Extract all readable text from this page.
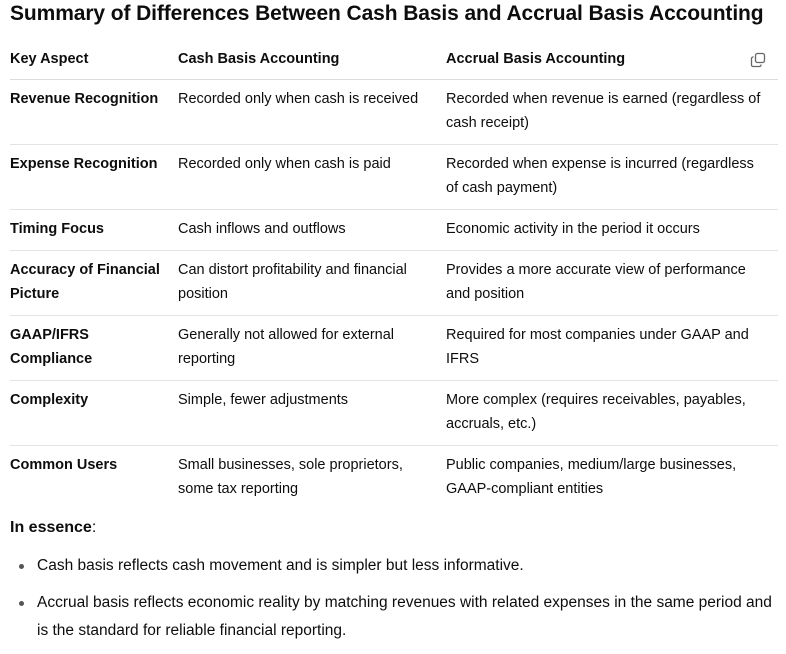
Summary of Differences Between Cash Basis and Accrual Basis Accounting
Key Aspect	Cash Basis Accounting	Accrual Basis Accounting
Revenue Recognition	Recorded only when cash is received	Recorded when revenue is earned (regardless of cash receipt)
Expense Recognition	Recorded only when cash is paid	Recorded when expense is incurred (regardless of cash payment)
Timing Focus	Cash inflows and outflows	Economic activity in the period it occurs
Accuracy of Financial Picture	Can distort profitability and financial position	Provides a more accurate view of performance and position
GAAP/IFRS Compliance	Generally not allowed for external reporting	Required for most companies under GAAP and IFRS
Complexity	Simple, fewer adjustments	More complex (requires receivables, payables, accruals, etc.)
Common Users	Small businesses, sole proprietors, some tax reporting	Public companies, medium/large businesses, GAAP-compliant entities

In essence:

Cash basis reflects cash movement and is simpler but less informative.
Accrual basis reflects economic reality by matching revenues with related expenses in the same period and is the standard for reliable financial reporting.
